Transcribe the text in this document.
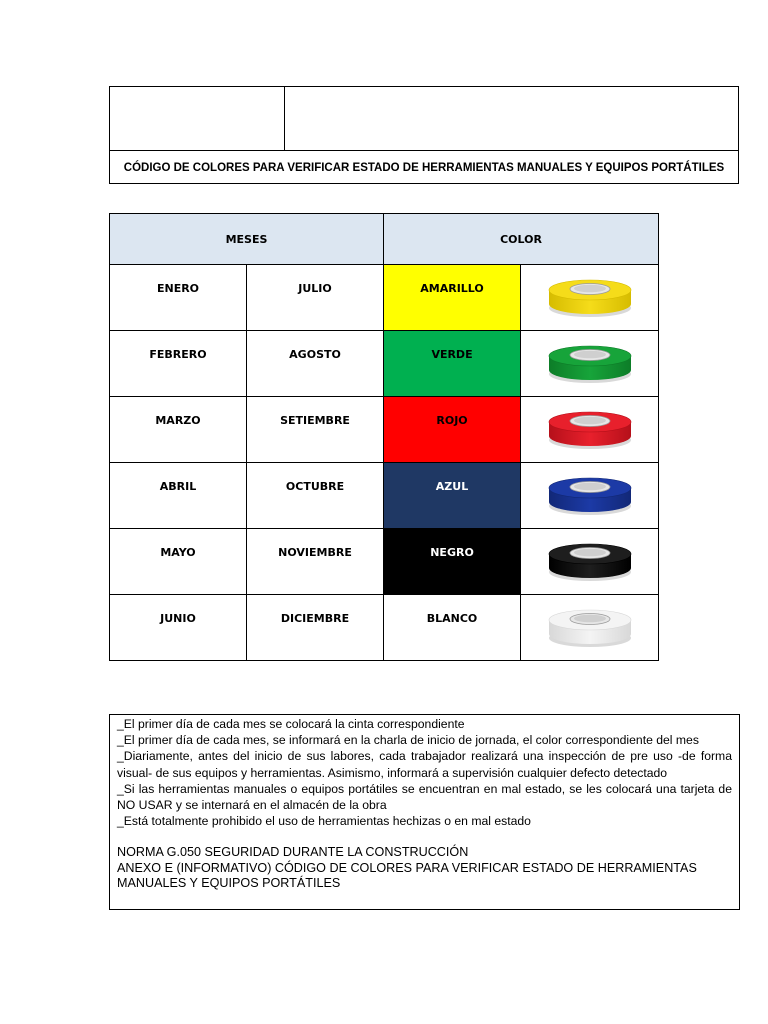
CÓDIGO DE COLORES PARA VERIFICAR ESTADO DE HERRAMIENTAS MANUALES Y EQUIPOS PORTÁTILES
MESES		COLOR	
ENERO	JULIO	AMARILLO	

FEBRERO	AGOSTO	VERDE	

MARZO	SETIEMBRE	ROJO	

ABRIL	OCTUBRE	AZUL	

MAYO	NOVIEMBRE	NEGRO	

JUNIO	DICIEMBRE	BLANCO	
_El primer día de cada mes se colocará la cinta correspondiente
_El primer día de cada mes, se informará en la charla de inicio de jornada, el color correspondiente del mes
_Diariamente, antes del inicio de sus labores, cada trabajador realizará una inspección de pre uso -de forma visual- de sus equipos y herramientas. Asimismo, informará a supervisión cualquier defecto detectado
_Si las herramientas manuales o equipos portátiles se encuentran en mal estado, se les colocará una tarjeta de NO USAR y se internará en el almacén de la obra
_Está totalmente prohibido el uso de herramientas hechizas o en mal estado
NORMA G.050 SEGURIDAD DURANTE LA CONSTRUCCIÓN
ANEXO E (INFORMATIVO) CÓDIGO DE COLORES PARA VERIFICAR ESTADO DE HERRAMIENTAS MANUALES Y EQUIPOS PORTÁTILES
